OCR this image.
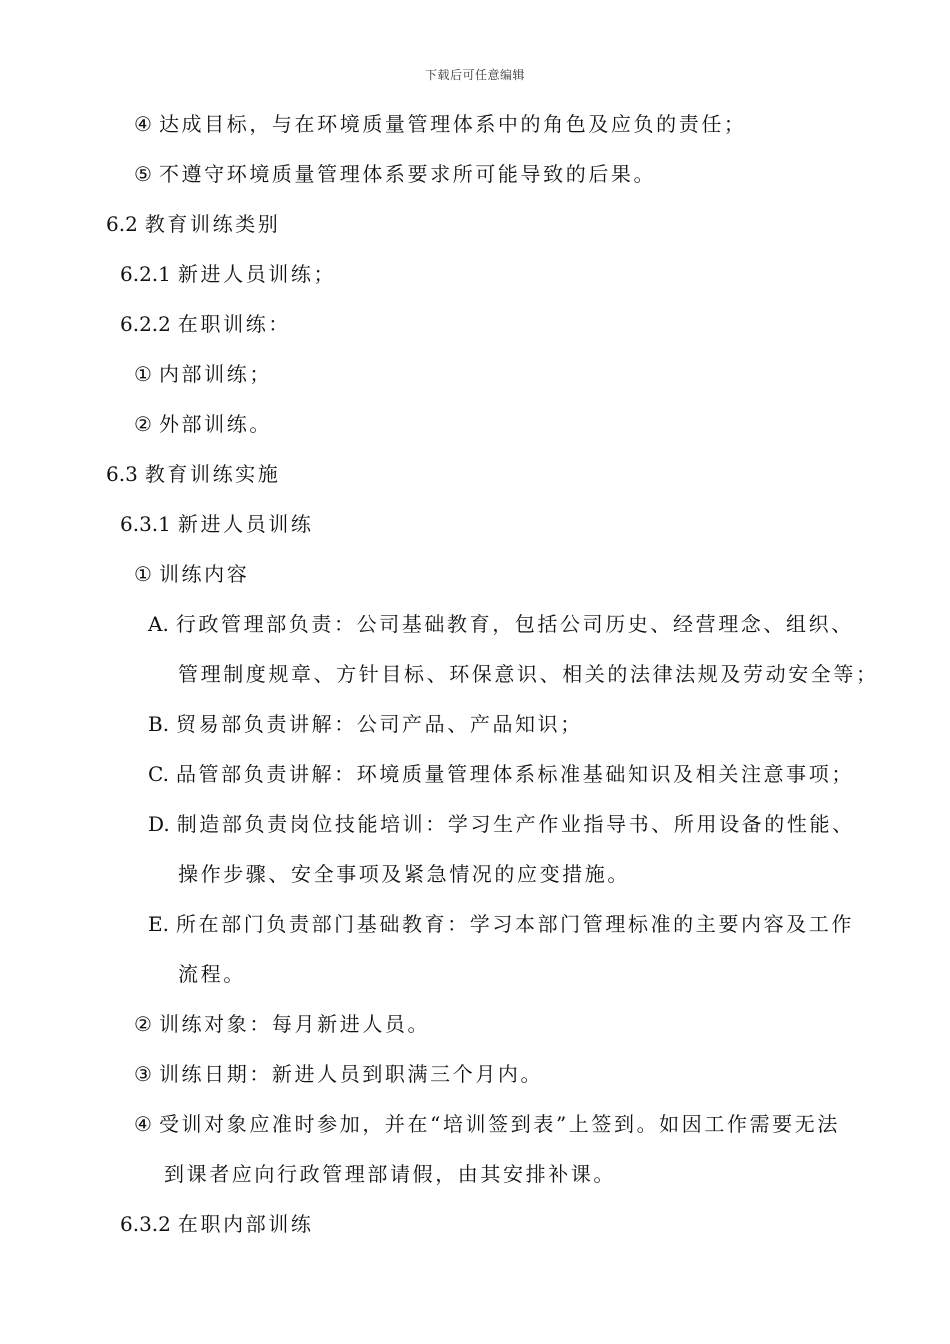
下载后可任意编辑
④ 达成目标，与在环境质量管理体系中的角色及应负的责任；
⑤ 不遵守环境质量管理体系要求所可能导致的后果。
6.2 教育训练类别
6.2.1 新进人员训练；
6.2.2 在职训练：
① 内部训练；
② 外部训练。
6.3 教育训练实施
6.3.1 新进人员训练
① 训练内容
A. 行政管理部负责：公司基础教育，包括公司历史、经营理念、组织、
管理制度规章、方针目标、环保意识、相关的法律法规及劳动安全等；
B. 贸易部负责讲解：公司产品、产品知识；
C. 品管部负责讲解：环境质量管理体系标准基础知识及相关注意事项；
D. 制造部负责岗位技能培训：学习生产作业指导书、所用设备的性能、
操作步骤、安全事项及紧急情况的应变措施。
E. 所在部门负责部门基础教育：学习本部门管理标准的主要内容及工作
流程。
② 训练对象：每月新进人员。
③ 训练日期：新进人员到职满三个月内。
④ 受训对象应准时参加，并在“培训签到表”上签到。如因工作需要无法
到课者应向行政管理部请假，由其安排补课。
6.3.2 在职内部训练
